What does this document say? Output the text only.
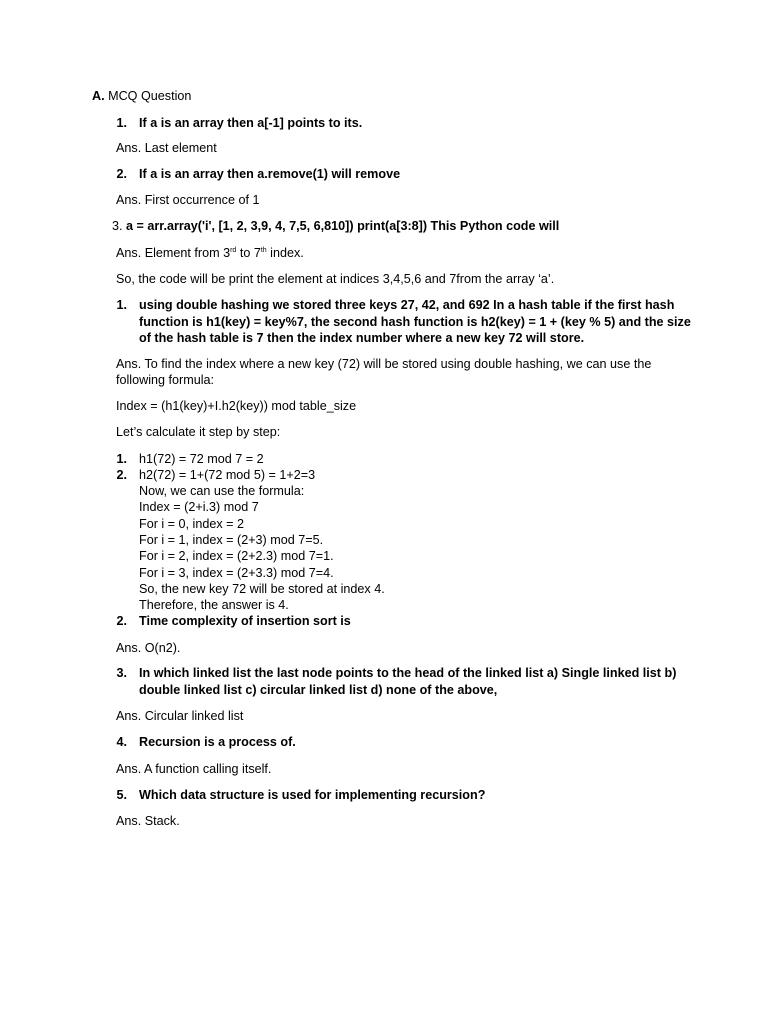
A. MCQ Question
1. If a is an array then a[-1] points to its.
Ans. Last element
2. If a is an array then a.remove(1) will remove
Ans. First occurrence of 1
3. a = arr.array('i', [1, 2, 3,9, 4, 7,5, 6,810]) print(a[3:8]) This Python code will
Ans. Element from 3rd to 7th index.
So, the code will be print the element at indices 3,4,5,6 and 7from the array ‘a’.
1. using double hashing we stored three keys 27, 42, and 692 In a hash table if the first hash
function is h1(key) = key%7, the second hash function is h2(key) = 1 + (key % 5) and the size
of the hash table is 7 then the index number where a new key 72 will store.
Ans. To find the index where a new key (72) will be stored using double hashing, we can use the
following formula:
Index = (h1(key)+I.h2(key)) mod table_size
Let’s calculate it step by step:
1. h1(72) = 72 mod 7 = 2
2. h2(72) = 1+(72 mod 5) = 1+2=3
Now, we can use the formula:
Index = (2+i.3) mod 7
For i = 0, index = 2
For i = 1, index = (2+3) mod 7=5.
For i = 2, index = (2+2.3) mod 7=1.
For i = 3, index = (2+3.3) mod 7=4.
So, the new key 72 will be stored at index 4.
Therefore, the answer is 4.
2. Time complexity of insertion sort is
Ans. O(n2).
3. In which linked list the last node points to the head of the linked list a) Single linked list b)
double linked list c) circular linked list d) none of the above,
Ans. Circular linked list
4. Recursion is a process of.
Ans. A function calling itself.
5. Which data structure is used for implementing recursion?
Ans. Stack.
